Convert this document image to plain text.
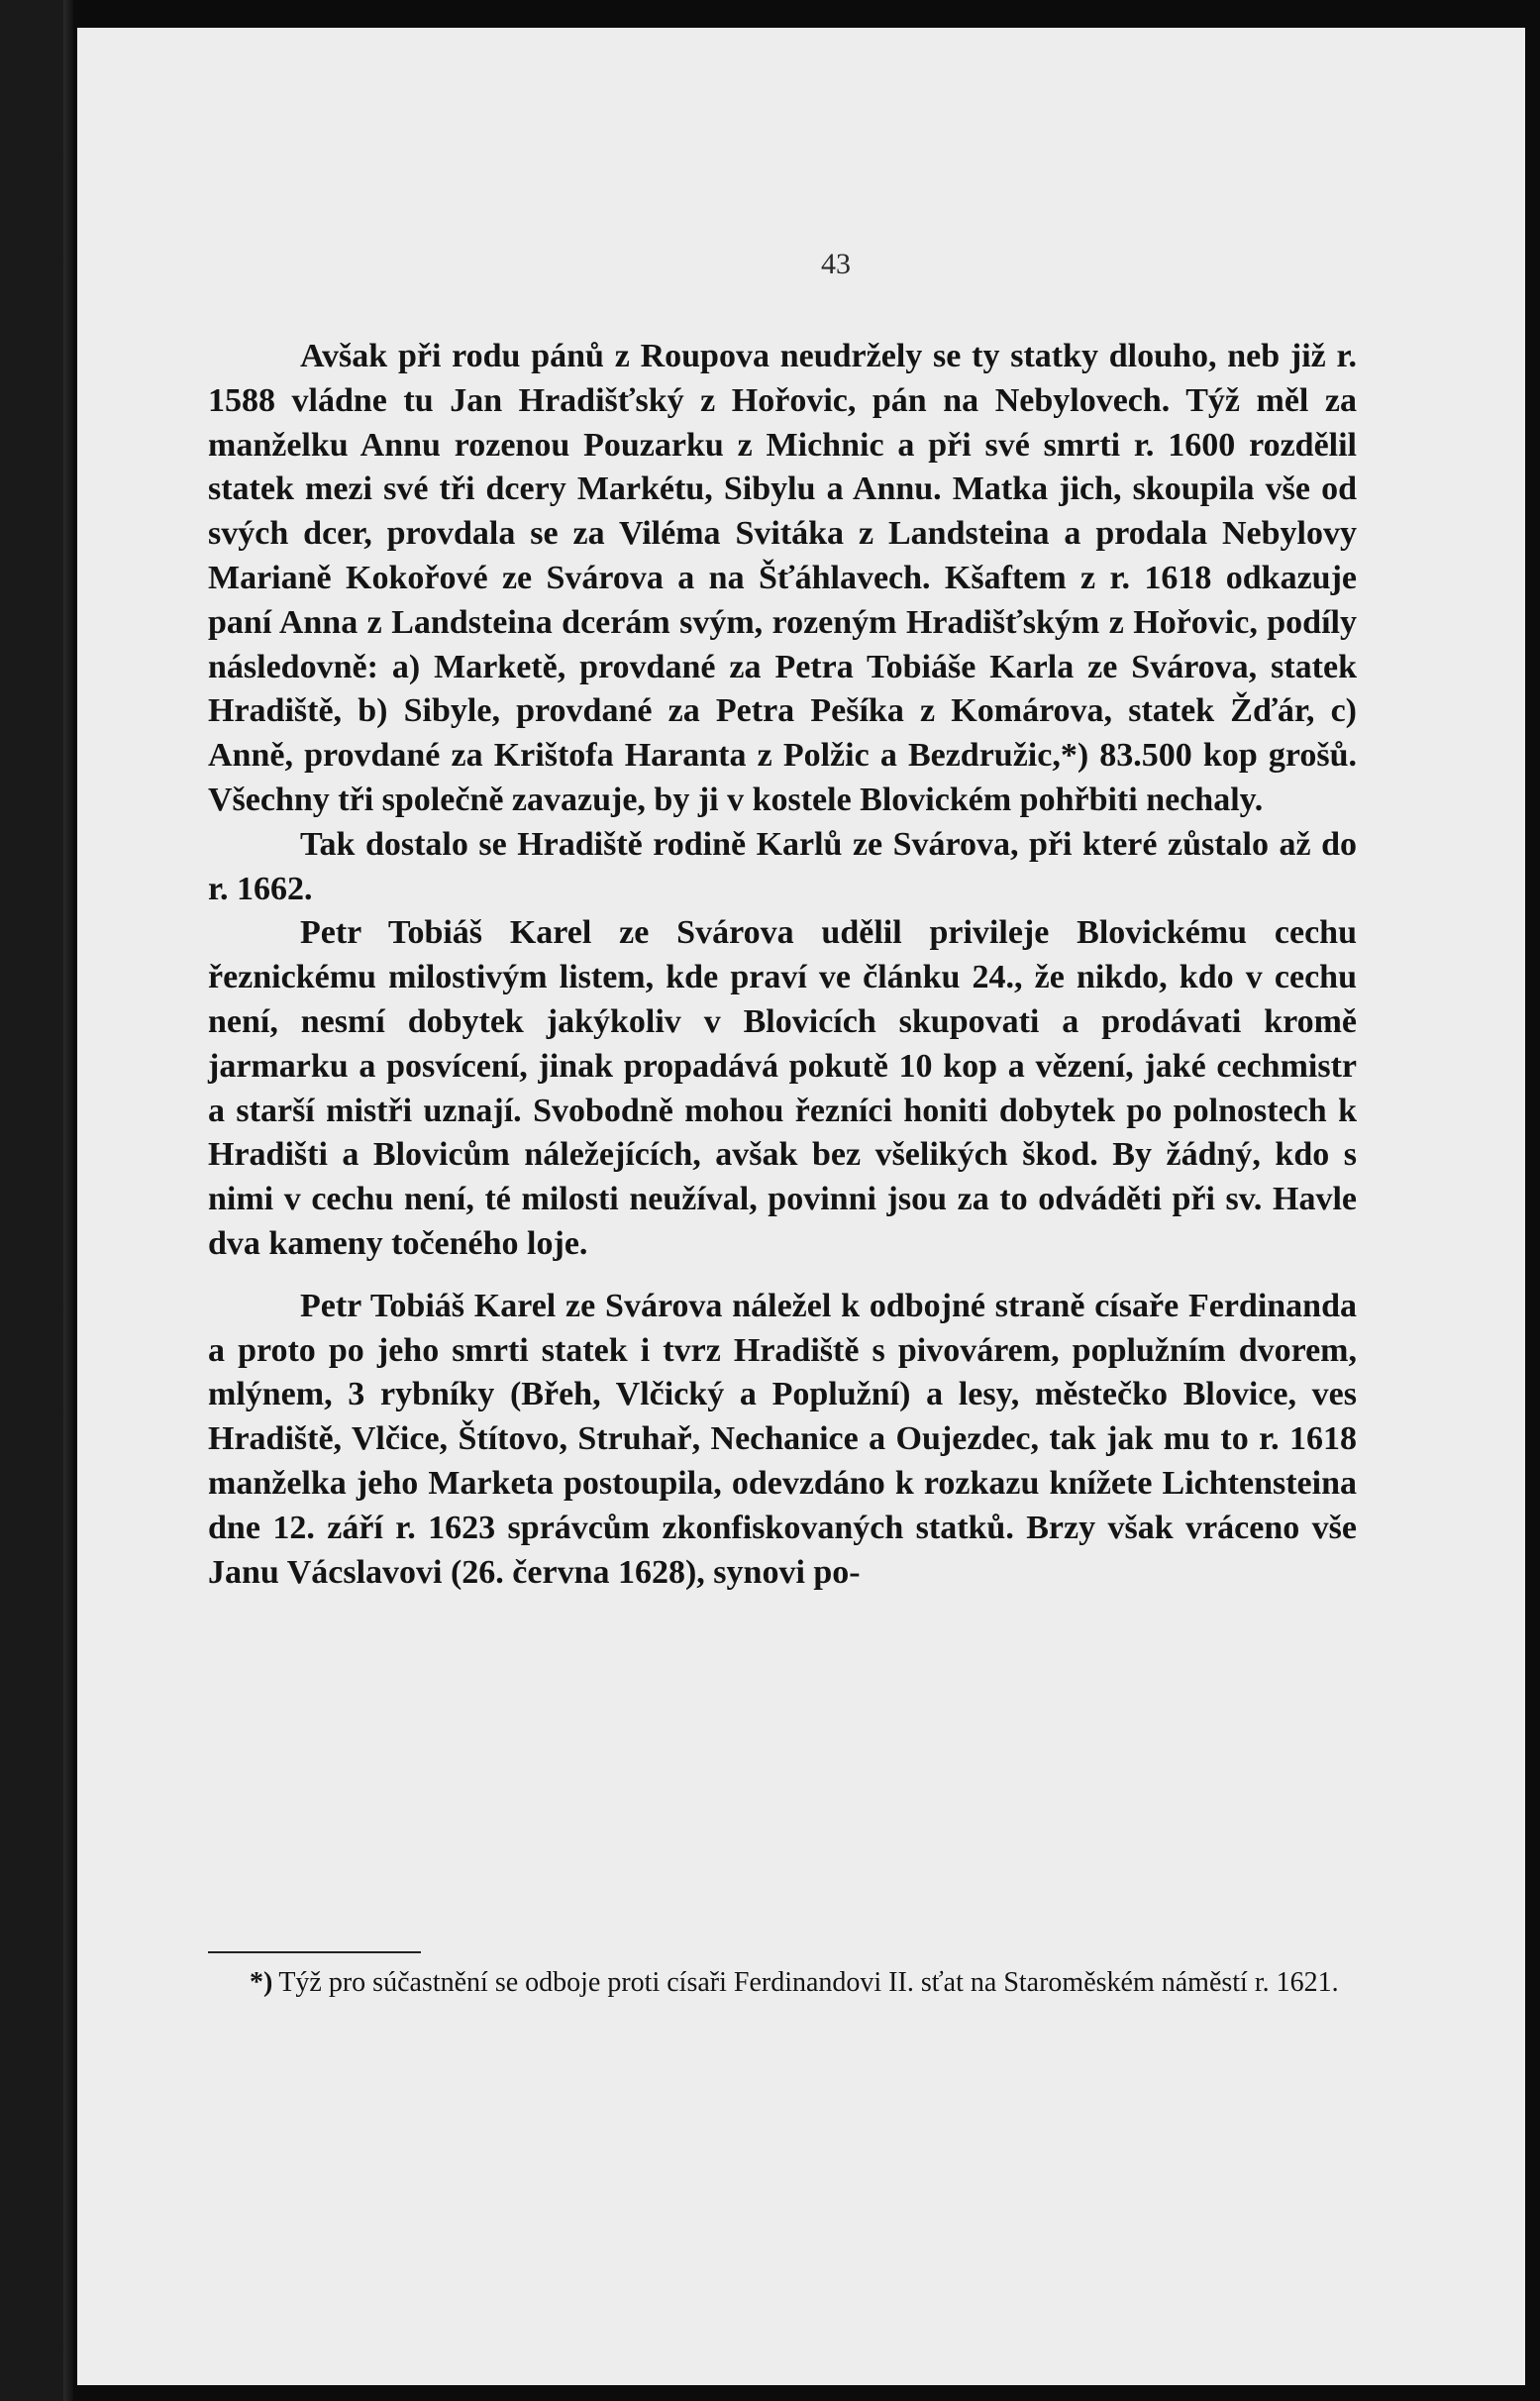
43

Avšak při rodu pánů z Roupova neudržely se ty statky dlouho, neb již r. 1588 vládne tu Jan Hradišťský z Hořovic, pán na Nebylovech. Týž měl za manželku Annu rozenou Pouzarku z Michnic a při své smrti r. 1600 rozdělil statek mezi své tři dcery Markétu, Sibylu a Annu. Matka jich, skoupila vše od svých dcer, provdala se za Viléma Svitáka z Landsteina a prodala Nebylovy Marianě Kokořové ze Svárova a na Šťáhlavech. Kšaftem z r. 1618 odkazuje paní Anna z Landsteina dcerám svým, rozeným Hradišťským z Hořovic, podíly následovně: a) Marketě, provdané za Petra Tobiáše Karla ze Svárova, statek Hradiště, b) Sibyle, provdané za Petra Pešíka z Komárova, statek Žďár, c) Anně, provdané za Krištofa Haranta z Polžic a Bezdružic,*) 83.500 kop grošů. Všechny tři společně zavazuje, by ji v kostele Blovickém pohřbiti nechaly.

Tak dostalo se Hradiště rodině Karlů ze Svárova, při které zůstalo až do r. 1662.

Petr Tobiáš Karel ze Svárova udělil privileje Blovickému cechu řeznickému milostivým listem, kde praví ve článku 24., že nikdo, kdo v cechu není, nesmí dobytek jakýkoliv v Blovicích skupovati a prodávati kromě jarmarku a posvícení, jinak propadává pokutě 10 kop a vězení, jaké cechmistr a starší mistři uznají. Svobodně mohou řezníci honiti dobytek po polnostech k Hradišti a Blovicům náležejících, avšak bez všelikých škod. By žádný, kdo s nimi v cechu není, té milosti neužíval, povinni jsou za to odváděti při sv. Havle dva kameny točeného loje.

Petr Tobiáš Karel ze Svárova náležel k odbojné straně císaře Ferdinanda a proto po jeho smrti statek i tvrz Hradiště s pivovárem, poplužním dvorem, mlýnem, 3 rybníky (Břeh, Vlčický a Poplužní) a lesy, městečko Blovice, ves Hradiště, Vlčice, Štítovo, Struhař, Nechanice a Oujezdec, tak jak mu to r. 1618 manželka jeho Marketa postoupila, odevzdáno k rozkazu knížete Lichtensteina dne 12. září r. 1623 správcům zkonfiskovaných statků. Brzy však vráceno vše Janu Vácslavovi (26. června 1628), synovi po-

*) Týž pro súčastnění se odboje proti císaři Ferdinandovi II. sťat na Staroměském náměstí r. 1621.
